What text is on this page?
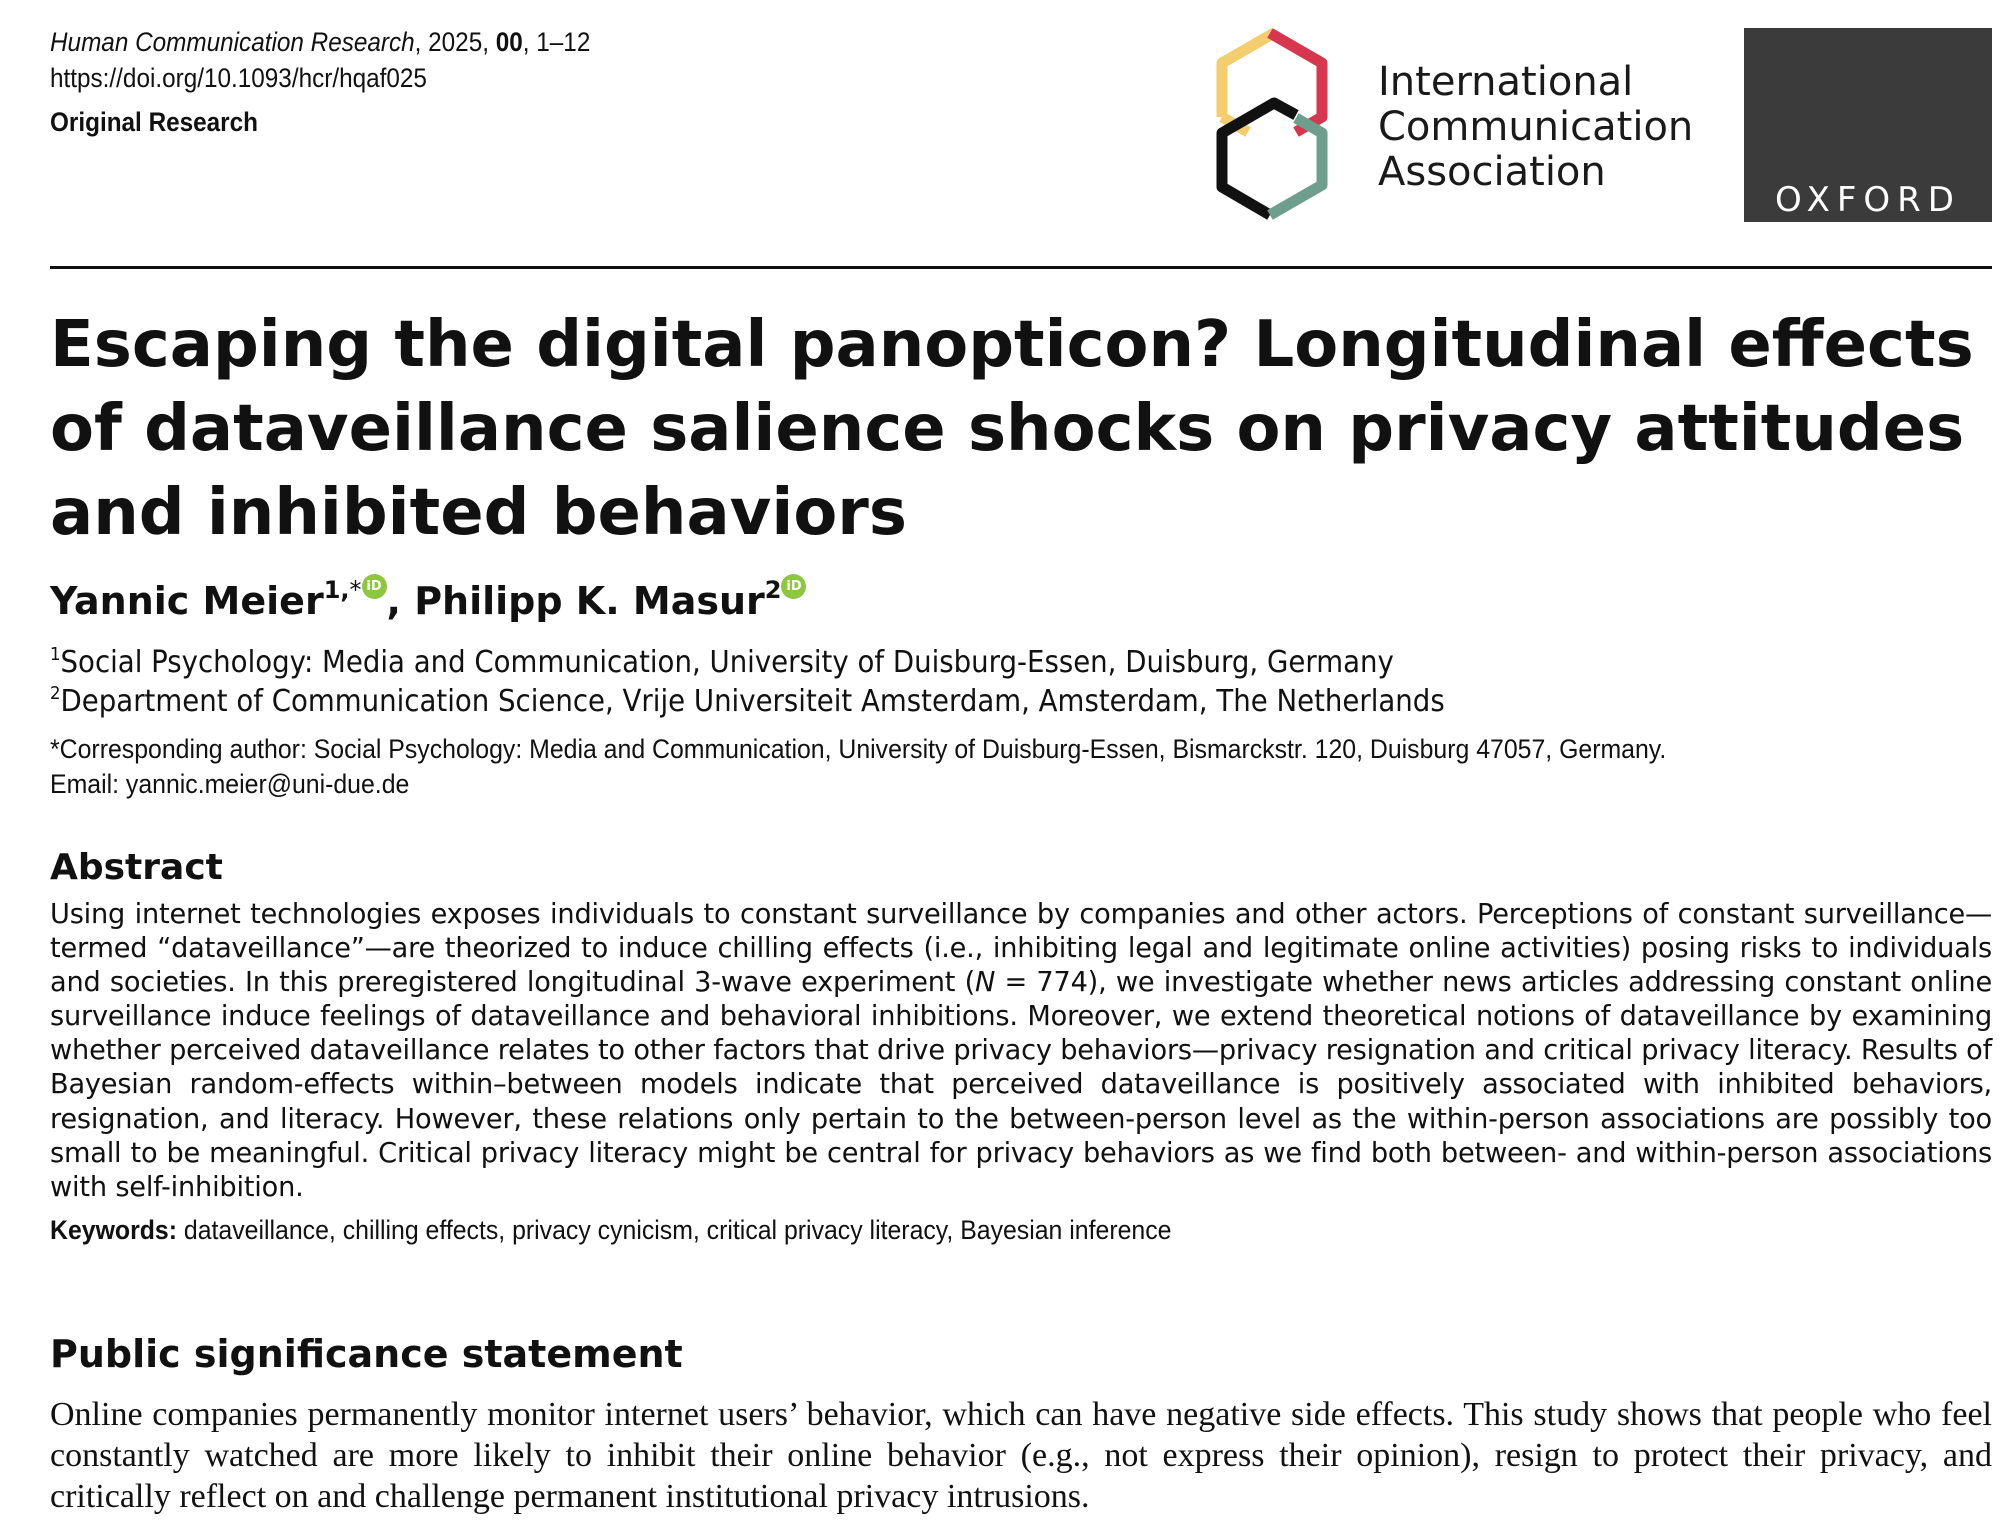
Human Communication Research, 2025, 00, 1–12
https://doi.org/10.1093/hcr/hqaf025
Original Research
International
Communication
Association
OXFORD
Escaping the digital panopticon? Longitudinal effects of dataveillance salience shocks on privacy attitudes and inhibited behaviors
Yannic Meier$^{1,*}$ iD , Philipp K. Masur$^2$ iD
$^1$Social Psychology: Media and Communication, University of Duisburg-Essen, Duisburg, Germany
$^2$Department of Communication Science, Vrije Universiteit Amsterdam, Amsterdam, The Netherlands
*Corresponding author: Social Psychology: Media and Communication, University of Duisburg-Essen, Bismarckstr. 120, Duisburg 47057, Germany.
Email: yannic.meier@uni-due.de
Abstract

Using internet technologies exposes individuals to constant surveillance by companies and other actors. Perceptions of constant surveillance—termed “dataveillance”—are theorized to induce chilling effects (i.e., inhibiting legal and legitimate online activities) posing risks to individuals and societies. In this preregistered longitudinal 3-wave experiment (N = 774), we investigate whether news articles addressing constant online surveillance induce feelings of dataveillance and behavioral inhibitions. Moreover, we extend theoretical notions of dataveillance by examining whether perceived dataveillance relates to other factors that drive privacy behaviors—privacy resignation and critical privacy literacy. Results of Bayesian random-effects within–between models indicate that perceived dataveillance is positively associated with inhibited behaviors, resignation, and literacy. However, these relations only pertain to the between-person level as the within-person associations are possibly too small to be meaningful. Critical privacy literacy might be central for privacy behaviors as we find both between- and within-person associations with self-inhibition.

Keywords: dataveillance, chilling effects, privacy cynicism, critical privacy literacy, Bayesian inference
Public significance statement

Online companies permanently monitor internet users’ behavior, which can have negative side effects. This study shows that people who feel constantly watched are more likely to inhibit their online behavior (e.g., not express their opinion), resign to protect their privacy, and critically reflect on and challenge permanent institutional privacy intrusions.
